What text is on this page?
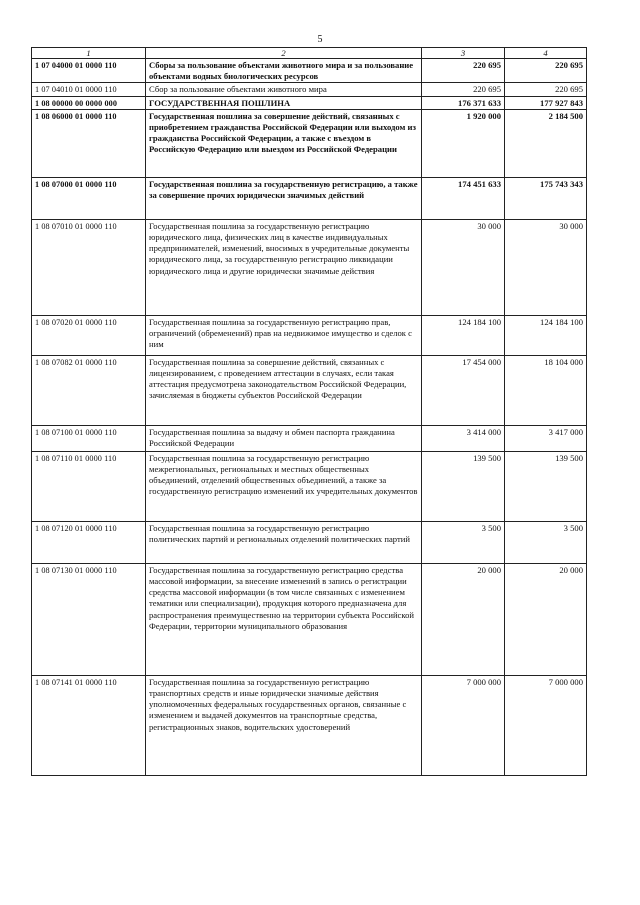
5
1	2	3	4
1 07 04000 01 0000 110	Сборы за пользование объектами животного мира и за пользование объектами водных биологических ресурсов	220 695	220 695
1 07 04010 01 0000 110	Сбор за пользование объектами животного мира	220 695	220 695
1 08 00000 00 0000 000	ГОСУДАРСТВЕННАЯ ПОШЛИНА	176 371 633	177 927 843
1 08 06000 01 0000 110	Государственная пошлина за совершение действий, связанных с приобретением гражданства Российской Федерации или выходом из гражданства Российской Федерации, а также с въездом в Российскую Федерацию или выездом из Российской Федерации	1 920 000	2 184 500
1 08 07000 01 0000 110	Государственная пошлина за государственную регистрацию, а также за совершение прочих юридически значимых действий	174 451 633	175 743 343
1 08 07010 01 0000 110	Государственная пошлина за государственную регистрацию юридического лица, физических лиц в качестве индивидуальных предпринимателей, изменений, вносимых в учредительные документы юридического лица, за государственную регистрацию ликвидации юридического лица и другие юридически значимые действия	30 000	30 000
1 08 07020 01 0000 110	Государственная пошлина за государственную регистрацию прав, ограничений (обременений) прав на недвижимое имущество и сделок с ним	124 184 100	124 184 100
1 08 07082 01 0000 110	Государственная пошлина за совершение действий, связанных с лицензированием, с проведением аттестации в случаях, если такая аттестация предусмотрена законодательством Российской Федерации, зачисляемая в бюджеты субъектов Российской Федерации	17 454 000	18 104 000
1 08 07100 01 0000 110	Государственная пошлина за выдачу и обмен паспорта гражданина Российской Федерации	3 414 000	3 417 000
1 08 07110 01 0000 110	Государственная пошлина за государственную регистрацию межрегиональных, региональных и местных общественных объединений, отделений общественных объединений, а также за государственную регистрацию изменений их учредительных документов	139 500	139 500
1 08 07120 01 0000 110	Государственная пошлина за государственную регистрацию политических партий и региональных отделений политических партий	3 500	3 500
1 08 07130 01 0000 110	Государственная пошлина за государственную регистрацию средства массовой информации, за внесение изменений в запись о регистрации средства массовой информации (в том числе связанных с изменением тематики или специализации), продукция которого предназначена для распространения преимущественно на территории субъекта Российской Федерации, территории муниципального образования	20 000	20 000
1 08 07141 01 0000 110	Государственная пошлина за государственную регистрацию транспортных средств и иные юридически значимые действия уполномоченных федеральных государственных органов, связанные с изменением и выдачей документов на транспортные средства, регистрационных знаков, водительских удостоверений	7 000 000	7 000 000
